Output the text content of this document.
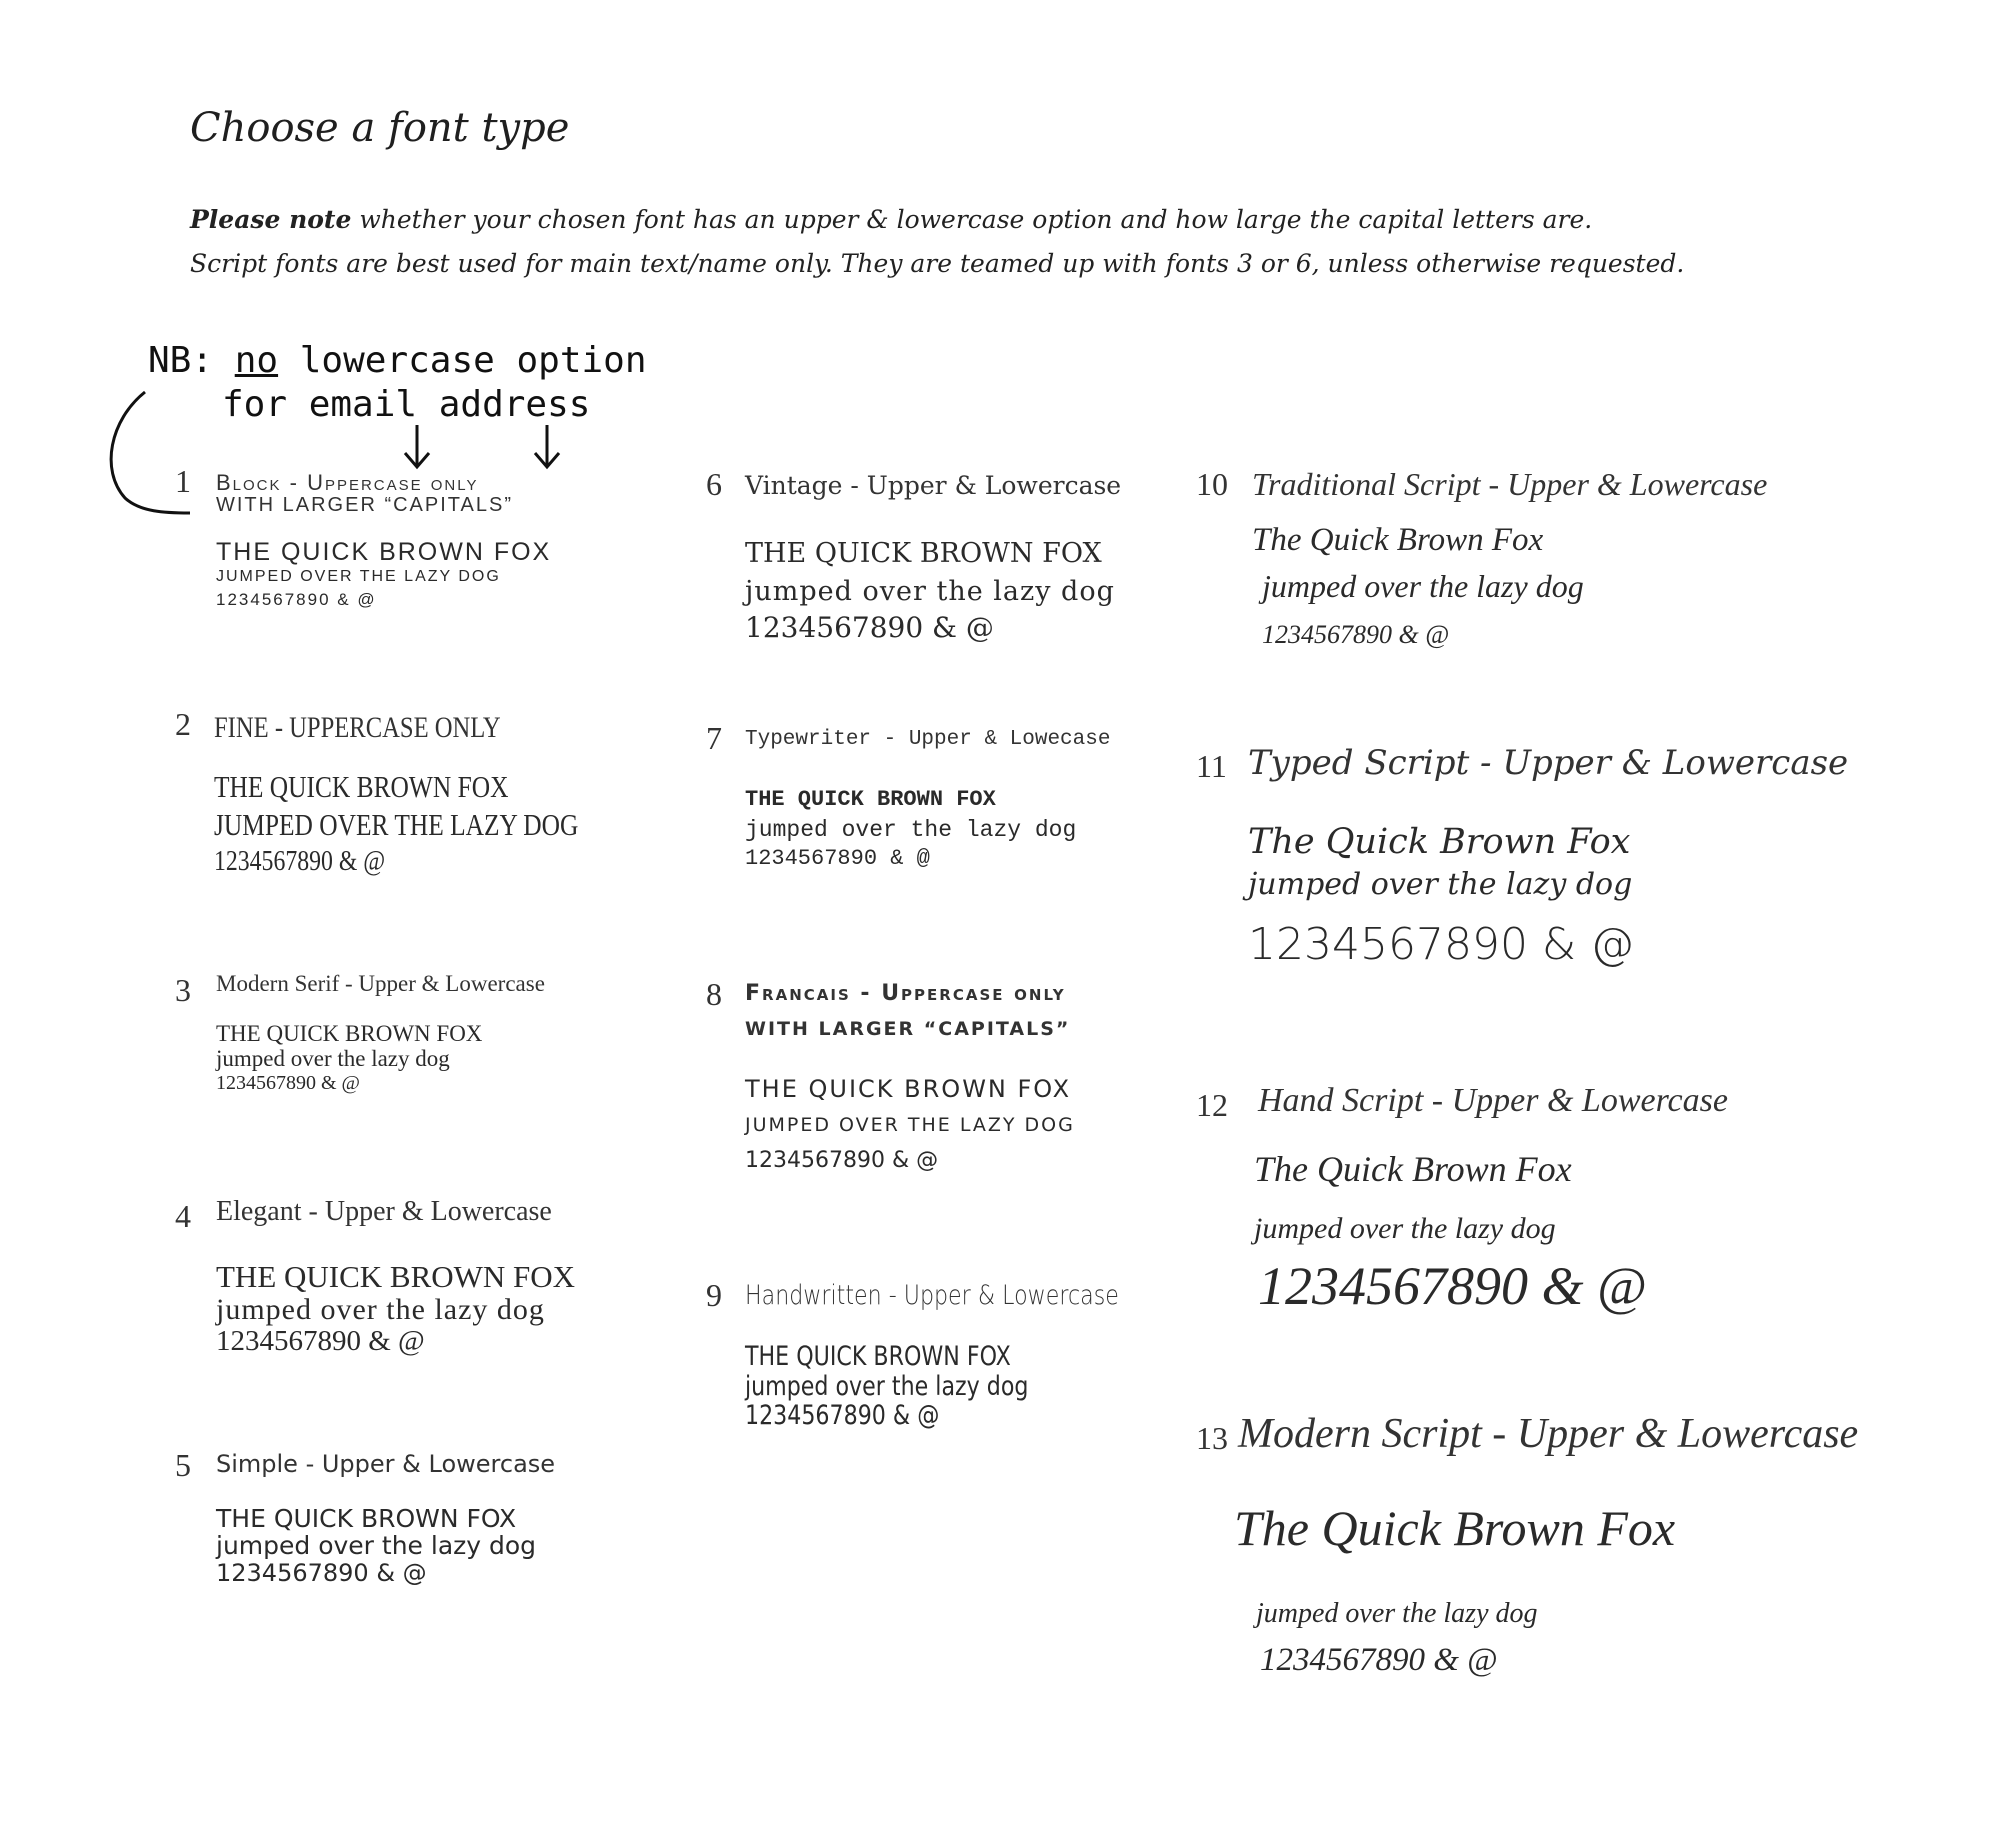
Choose a font type
Please note whether your chosen font has an upper & lowercase option and how large the capital letters are.
Script fonts are best used for main text/name only. They are teamed up with fonts 3 or 6, unless otherwise requested.
NB: no lowercase option
for email address
1 Block - Uppercase only
WITH LARGER “CAPITALS”
THE QUICK BROWN FOX
JUMPED OVER THE LAZY DOG
1234567890 & @
2 FINE - UPPERCASE ONLY
THE QUICK BROWN FOX
JUMPED OVER THE LAZY DOG
1234567890 & @
3 Modern Serif - Upper & Lowercase
THE QUICK BROWN FOX
jumped over the lazy dog
1234567890 & @
4 Elegant - Upper & Lowercase
THE QUICK BROWN FOX
jumped over the lazy dog
1234567890 & @
5 Simple - Upper & Lowercase
THE QUICK BROWN FOX
jumped over the lazy dog
1234567890 & @
6 Vintage - Upper & Lowercase
THE QUICK BROWN FOX
jumped over the lazy dog
1234567890 & @
7 Typewriter - Upper & Lowecase
THE QUICK BROWN FOX
jumped over the lazy dog
1234567890 & @
8 Francais - Uppercase only
WITH LARGER “CAPITALS”
THE QUICK BROWN FOX
JUMPED OVER THE LAZY DOG
1234567890 & @
9 Handwritten - Upper & Lowercase
THE QUICK BROWN FOX
jumped over the lazy dog
1234567890 & @
10 Traditional Script - Upper & Lowercase
The Quick Brown Fox
jumped over the lazy dog
1234567890 & @
11 Typed Script - Upper & Lowercase
The Quick Brown Fox
jumped over the lazy dog
1234567890 & @
12 Hand Script - Upper & Lowercase
The Quick Brown Fox
jumped over the lazy dog
1234567890 & @
13 Modern Script - Upper & Lowercase
The Quick Brown Fox
jumped over the lazy dog
1234567890 & @
